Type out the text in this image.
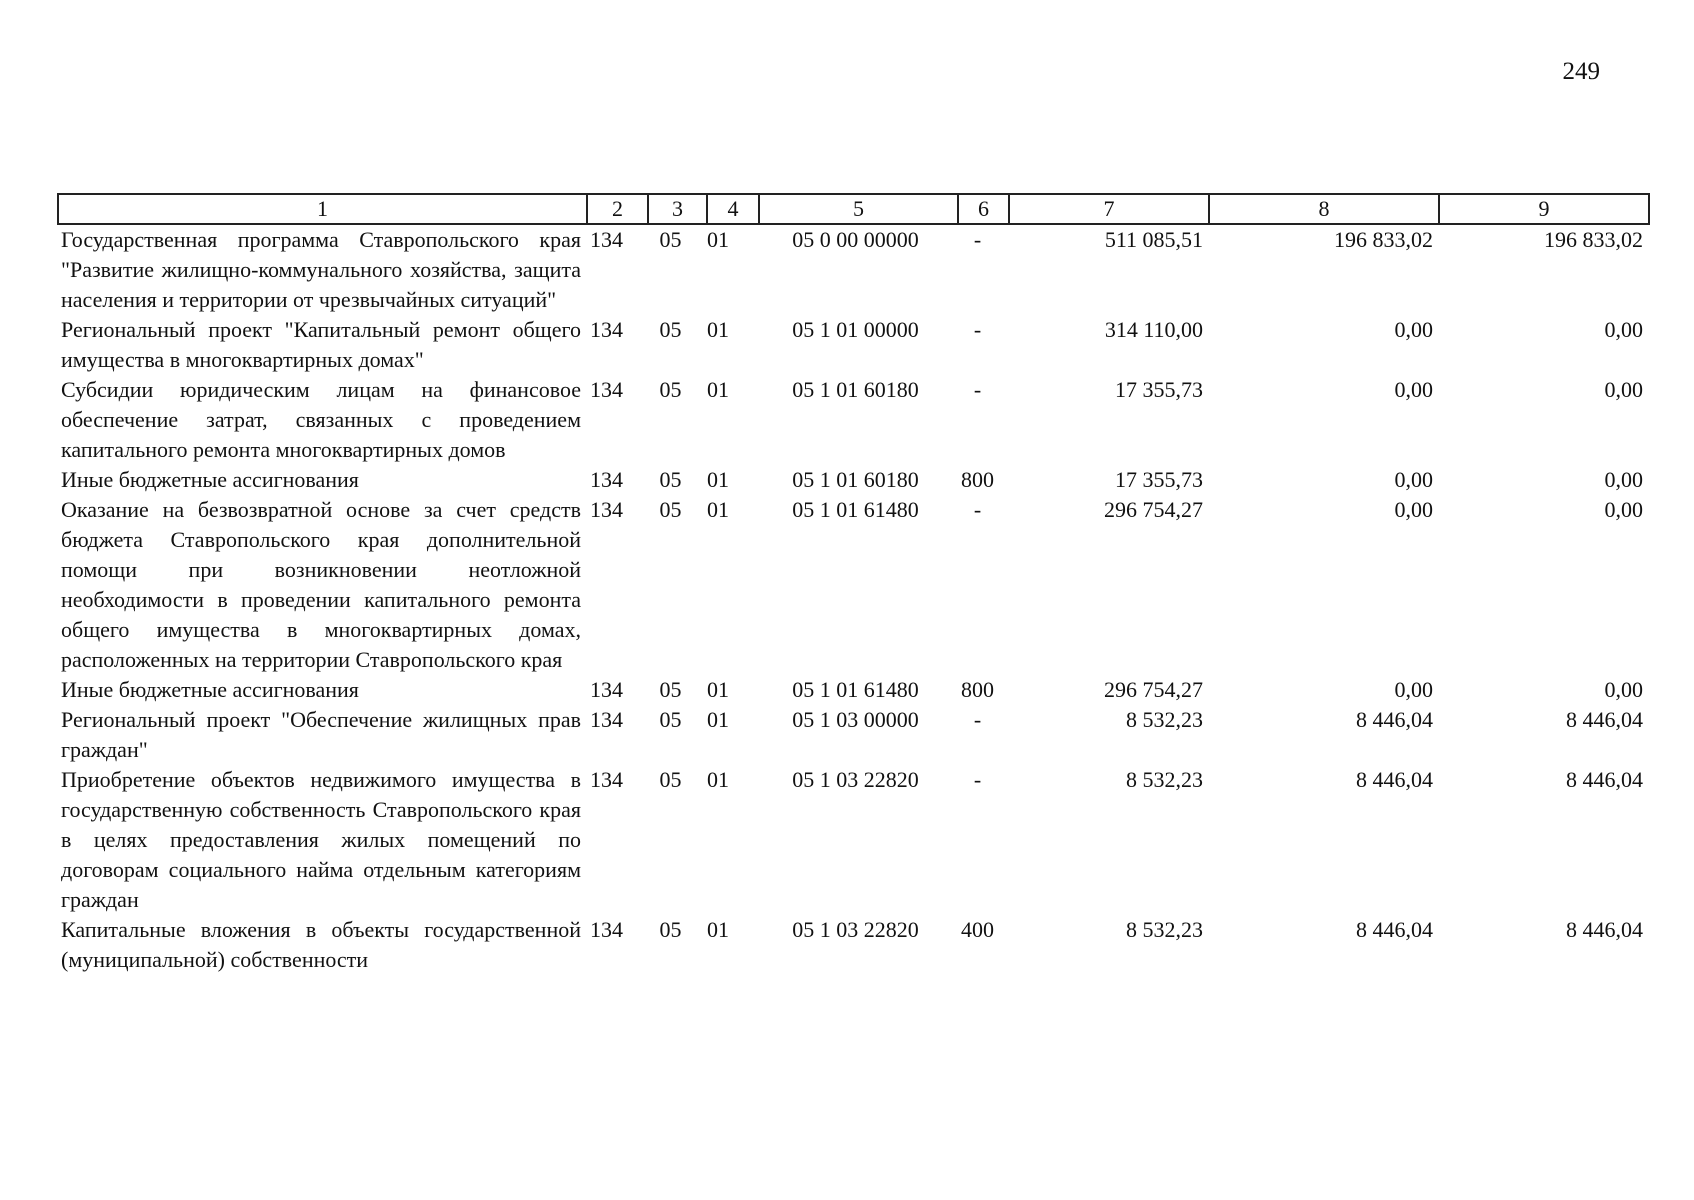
249
1	2	3	4	5	6	7	8	9
Государственная программа Ставропольского края "Развитие жилищно-коммунального хозяйства, защита населения и территории от чрезвычайных ситуаций"	134	05	01	05 0 00 00000	-	511 085,51	196 833,02	196 833,02
Региональный проект "Капитальный ремонт общего имущества в многоквартирных домах"	134	05	01	05 1 01 00000	-	314 110,00	0,00	0,00
Субсидии юридическим лицам на финансовое обеспечение затрат, связанных с проведением капитального ремонта многоквартирных домов	134	05	01	05 1 01 60180	-	17 355,73	0,00	0,00
Иные бюджетные ассигнования	134	05	01	05 1 01 60180	800	17 355,73	0,00	0,00
Оказание на безвозвратной основе за счет средств бюджета Ставропольского края дополнительной помощи при возникновении неотложной необходимости в проведении капитального ремонта общего имущества в многоквартирных домах, расположенных на территории Ставропольского края	134	05	01	05 1 01 61480	-	296 754,27	0,00	0,00
Иные бюджетные ассигнования	134	05	01	05 1 01 61480	800	296 754,27	0,00	0,00
Региональный проект "Обеспечение жилищных прав граждан"	134	05	01	05 1 03 00000	-	8 532,23	8 446,04	8 446,04
Приобретение объектов недвижимого имущества в государственную собственность Ставропольского края в целях предоставления жилых помещений по договорам социального найма отдельным категориям граждан	134	05	01	05 1 03 22820	-	8 532,23	8 446,04	8 446,04
Капитальные вложения в объекты государственной (муниципальной) собственности	134	05	01	05 1 03 22820	400	8 532,23	8 446,04	8 446,04
